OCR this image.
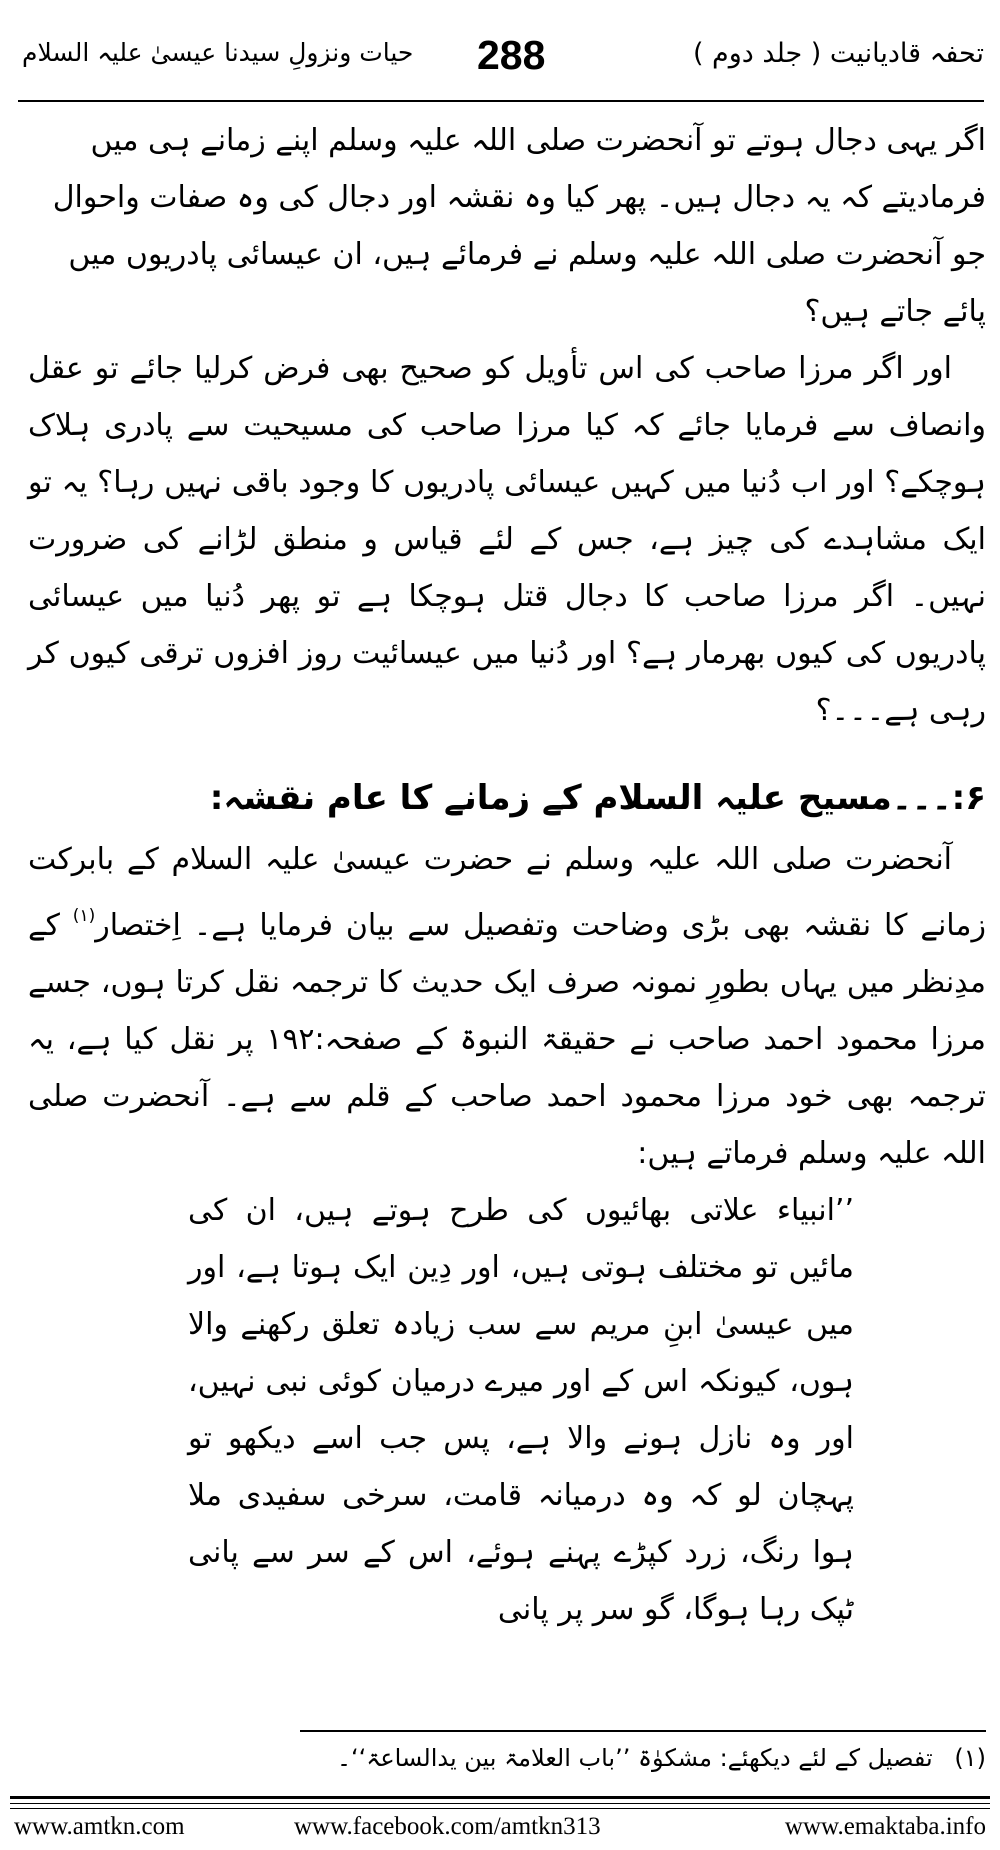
تحفہ قادیانیت ( جلد دوم )
288
حیات ونزولِ سیدنا عیسیٰ علیہ السلام

اگر یہی دجال ہوتے تو آنحضرت صلی اللہ علیہ وسلم اپنے زمانے ہی میں فرمادیتے کہ یہ دجال ہیں۔ پھر کیا وہ نقشہ اور دجال کی وہ صفات واحوال جو آنحضرت صلی اللہ علیہ وسلم نے فرمائے ہیں، ان عیسائی پادریوں میں پائے جاتے ہیں؟

اور اگر مرزا صاحب کی اس تأویل کو صحیح بھی فرض کرلیا جائے تو عقل وانصاف سے فرمایا جائے کہ کیا مرزا صاحب کی مسیحیت سے پادری ہلاک ہوچکے؟ اور اب دُنیا میں کہیں عیسائی پادریوں کا وجود باقی نہیں رہا؟ یہ تو ایک مشاہدے کی چیز ہے، جس کے لئے قیاس و منطق لڑانے کی ضرورت نہیں۔ اگر مرزا صاحب کا دجال قتل ہوچکا ہے تو پھر دُنیا میں عیسائی پادریوں کی کیوں بھرمار ہے؟ اور دُنیا میں عیسائیت روز افزوں ترقی کیوں کر رہی ہے۔۔۔؟

۶:۔۔۔مسیح علیہ السلام کے زمانے کا عام نقشہ:

آنحضرت صلی اللہ علیہ وسلم نے حضرت عیسیٰ علیہ السلام کے بابرکت زمانے کا نقشہ بھی بڑی وضاحت وتفصیل سے بیان فرمایا ہے۔ اِختصار$^{(۱)}$ کے مدِنظر میں یہاں بطورِ نمونہ صرف ایک حدیث کا ترجمہ نقل کرتا ہوں، جسے مرزا محمود احمد صاحب نے حقیقۃ النبوۃ کے صفحہ:۱۹۲ پر نقل کیا ہے، یہ ترجمہ بھی خود مرزا محمود احمد صاحب کے قلم سے ہے۔ آنحضرت صلی اللہ علیہ وسلم فرماتے ہیں:

’’انبیاء علاتی بھائیوں کی طرح ہوتے ہیں، ان کی مائیں تو مختلف ہوتی ہیں، اور دِین ایک ہوتا ہے، اور میں عیسیٰ ابنِ مریم سے سب زیادہ تعلق رکھنے والا ہوں، کیونکہ اس کے اور میرے درمیان کوئی نبی نہیں، اور وہ نازل ہونے والا ہے، پس جب اسے دیکھو تو پہچان لو کہ وہ درمیانہ قامت، سرخی سفیدی ملا ہوا رنگ، زرد کپڑے پہنے ہوئے، اس کے سر سے پانی ٹپک رہا ہوگا، گو سر پر پانی

(۱) تفصیل کے لئے دیکھئے: مشکوٰۃ ’’باب العلامۃ بین یدالساعۃ‘‘۔
www.amtkn.com	www.facebook.com/amtkn313	www.emaktaba.info
